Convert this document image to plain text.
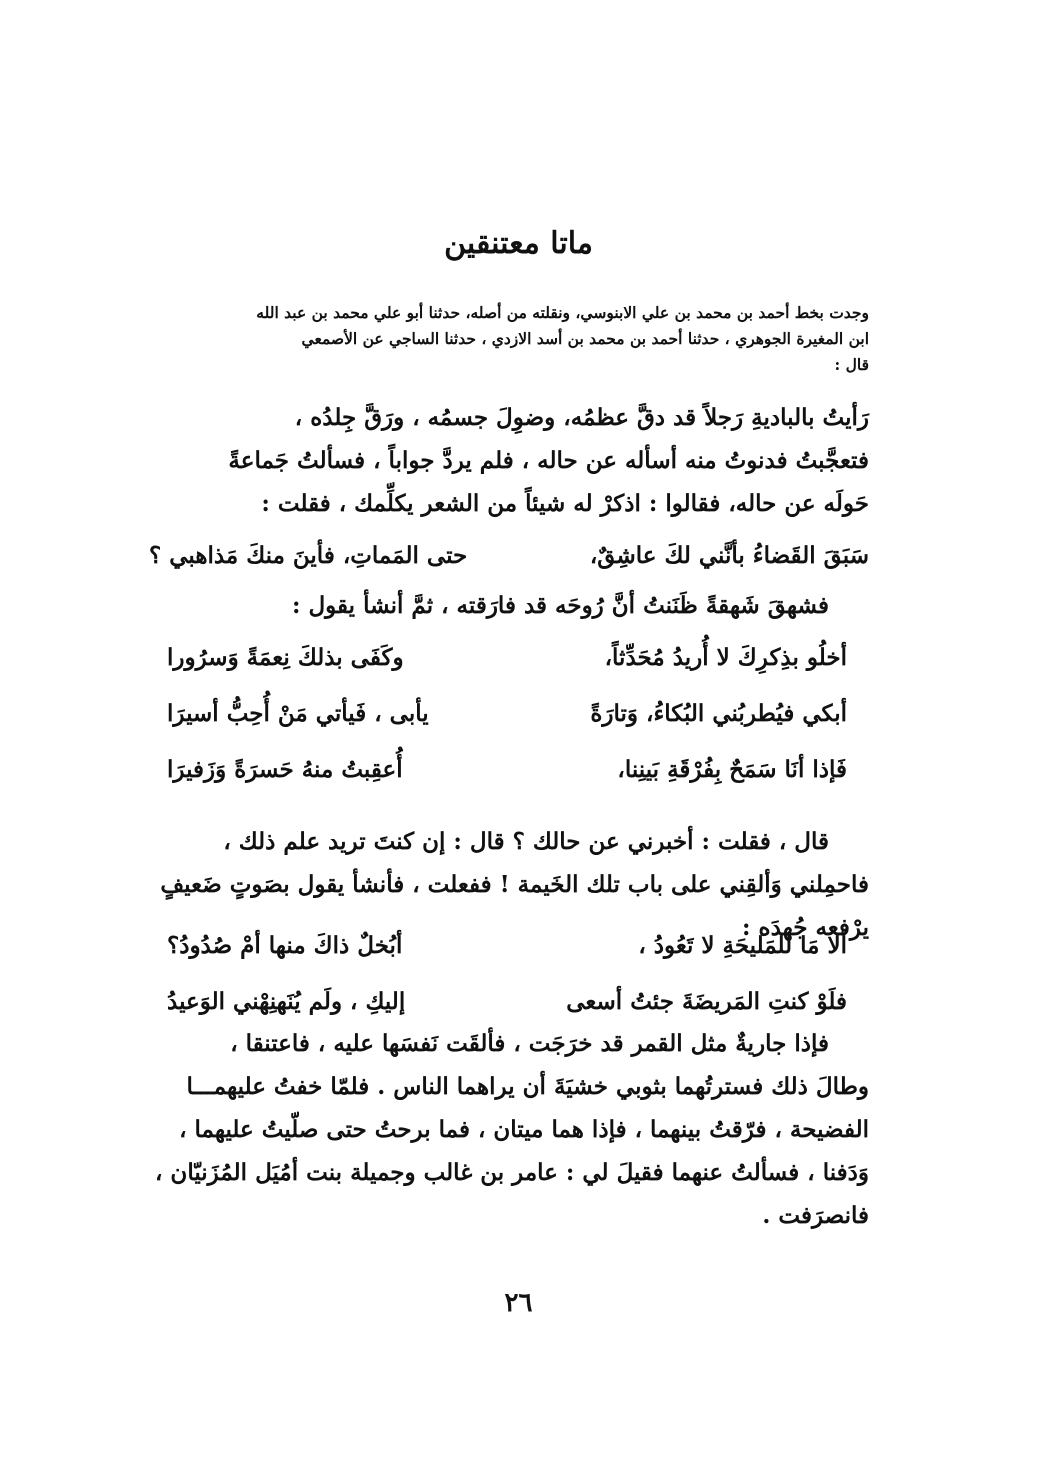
ماتا معتنقين
وجدت بخط أحمد بن محمد بن علي الابنوسي، ونقلته من أصله، حدثنا أبو علي محمد بن عبد الله
ابن المغيرة الجوهري ، حدثنا أحمد بن محمد بن أسد الازدي ، حدثنا الساجي عن الأصمعي
قال :
رَأيتُ بالباديةِ رَجلاً قد دقَّ عظمُه، وضوِلَ جسمُه ، ورَقَّ جِلدُه ،
فتعجَّبتُ فدنوتُ منه أسأله عن حاله ، فلم يردَّ جواباً ، فسألتُ جَماعةً
حَولَه عن حاله، فقالوا : اذكرْ له شيئاً من الشعر يكلِّمك ، فقلت :
سَبَقَ القَضاءُ بأنَّني لكَ عاشِقٌ،
حتى المَماتِ، فأينَ منكَ مَذاهبي ؟
فشهقَ شَهقةً ظَنَنتُ أنَّ رُوحَه قد فارَقته ، ثمَّ أنشأ يقول :
أخلُو بذِكرِكَ لا أُريدُ مُحَدِّثاً،
وكَفَى بذلكَ نِعمَةً وَسرُورا
أبكي فيُطربُني البُكاءُ، وَتارَةً
يأبى ، فَيأتي مَنْ أُحِبُّ أسيرَا
فَإذا أنَا سَمَحٌ بِفُرْقَةِ بَينِنا،
أُعقِبتُ منهُ حَسرَةً وَزَفيرَا
قال ، فقلت : أخبرني عن حالك ؟ قال : إن كنتَ تريد علم ذلك ،
فاحمِلني وَألقِني على باب تلك الخَيمة ! ففعلت ، فأنشأ يقول بصَوتٍ ضَعيفٍ
يرْفعه جُهدَه :
ألا مَا للمَليحَةِ لا تَعُودُ ،
أبُخلٌ ذاكَ منها أمْ صُدُودُ؟
فلَوْ كنتِ المَريضَةَ جئتُ أسعى
إليكِ ، ولَم يُنَهنِهْني الوَعيدُ
فإذا جاريةٌ مثل القمر قد خرَجَت ، فألقَت نَفسَها عليه ، فاعتنقا ،
وطالَ ذلك فسترتُهما بثوبي خشيَةَ أن يراهما الناس . فلمّا خفتُ عليهمـــا
الفضيحة ، فرّقتُ بينهما ، فإذا هما ميتان ، فما برحتُ حتى صلّيتُ عليهما ،
وَدَفنا ، فسألتُ عنهما فقيلَ لي : عامر بن غالب وجميلة بنت أمُيَل المُزَنيّان ،
فانصرَفت .
٢٦
